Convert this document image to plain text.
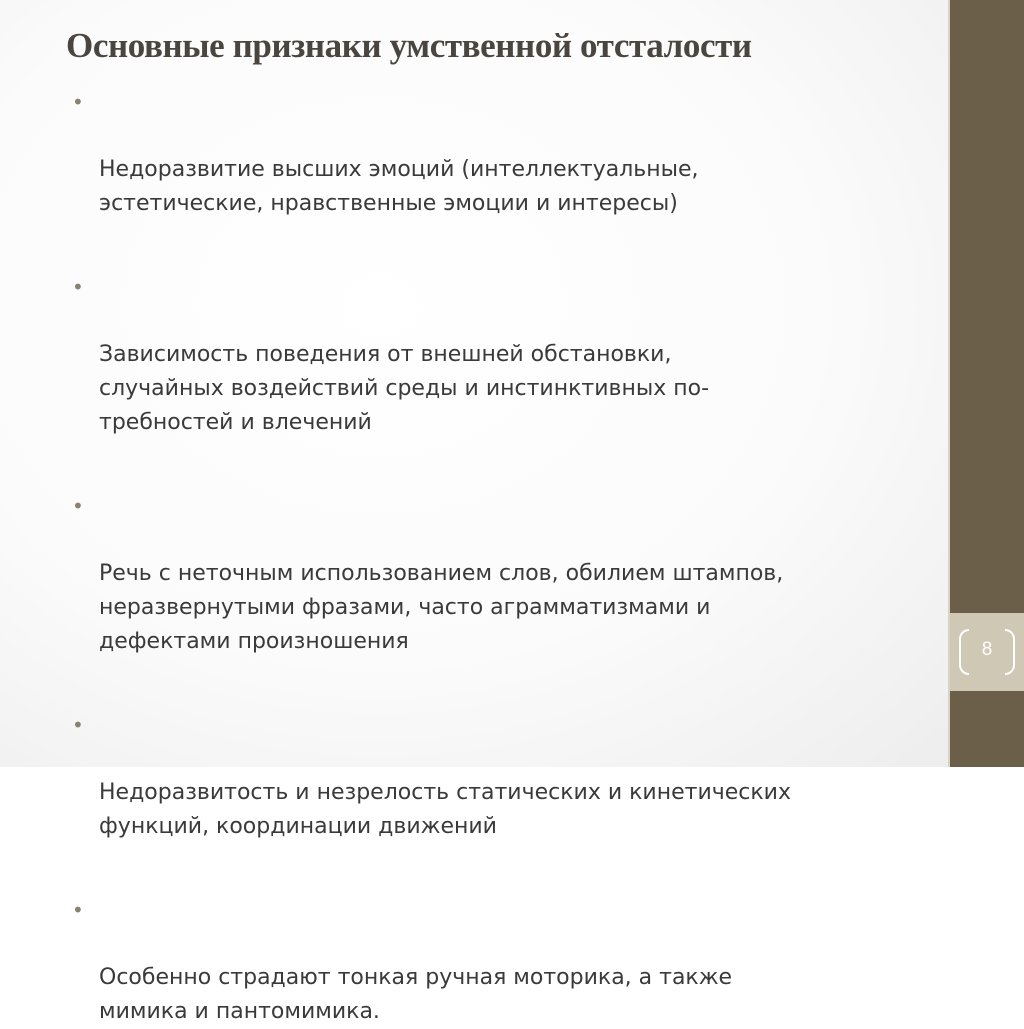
Основные признаки умственной отсталости

•

Недоразвитие высших эмоций (интеллектуальные,
эстетические, нравственные эмоции и интересы)

•

Зависимость поведения от внешней обстановки,
случайных воздействий среды и инстинктивных по-
требностей и влечений

•

Речь с неточным использованием слов, обилием штампов,
неразвернутыми фразами, часто аграмматизмами и
дефектами произношения

•

Недоразвитость и незрелость статических и кинетических
функций, координации движений

•

Особенно страдают тонкая ручная моторика, а также
мимика и пантомимика.

8
